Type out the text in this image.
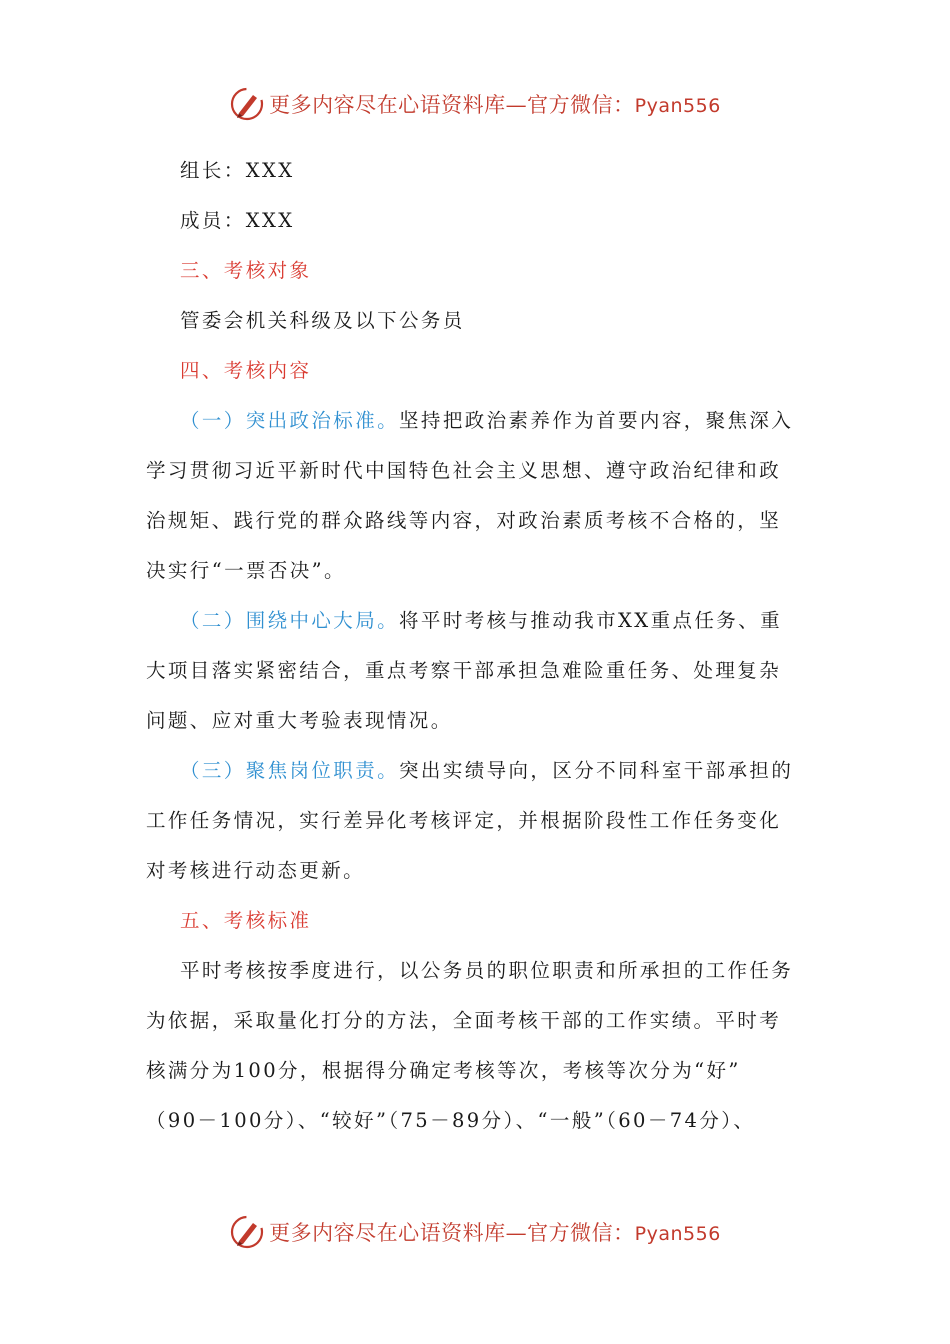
更多内容尽在心语资料库—官方微信：Pyan556
组长：XXX
成员：XXX
三、考核对象
管委会机关科级及以下公务员
四、考核内容
（一）突出政治标准。坚持把政治素养作为首要内容，聚焦深入
学习贯彻习近平新时代中国特色社会主义思想、遵守政治纪律和政
治规矩、践行党的群众路线等内容，对政治素质考核不合格的，坚
决实行“一票否决”。
（二）围绕中心大局。将平时考核与推动我市XX重点任务、重
大项目落实紧密结合，重点考察干部承担急难险重任务、处理复杂
问题、应对重大考验表现情况。
（三）聚焦岗位职责。突出实绩导向，区分不同科室干部承担的
工作任务情况，实行差异化考核评定，并根据阶段性工作任务变化
对考核进行动态更新。
五、考核标准
平时考核按季度进行，以公务员的职位职责和所承担的工作任务
为依据，采取量化打分的方法，全面考核干部的工作实绩。平时考
核满分为100分，根据得分确定考核等次，考核等次分为“好”
（90－100分）、“较好”（75－89分）、“一般”（60－74分）、
更多内容尽在心语资料库—官方微信：Pyan556
